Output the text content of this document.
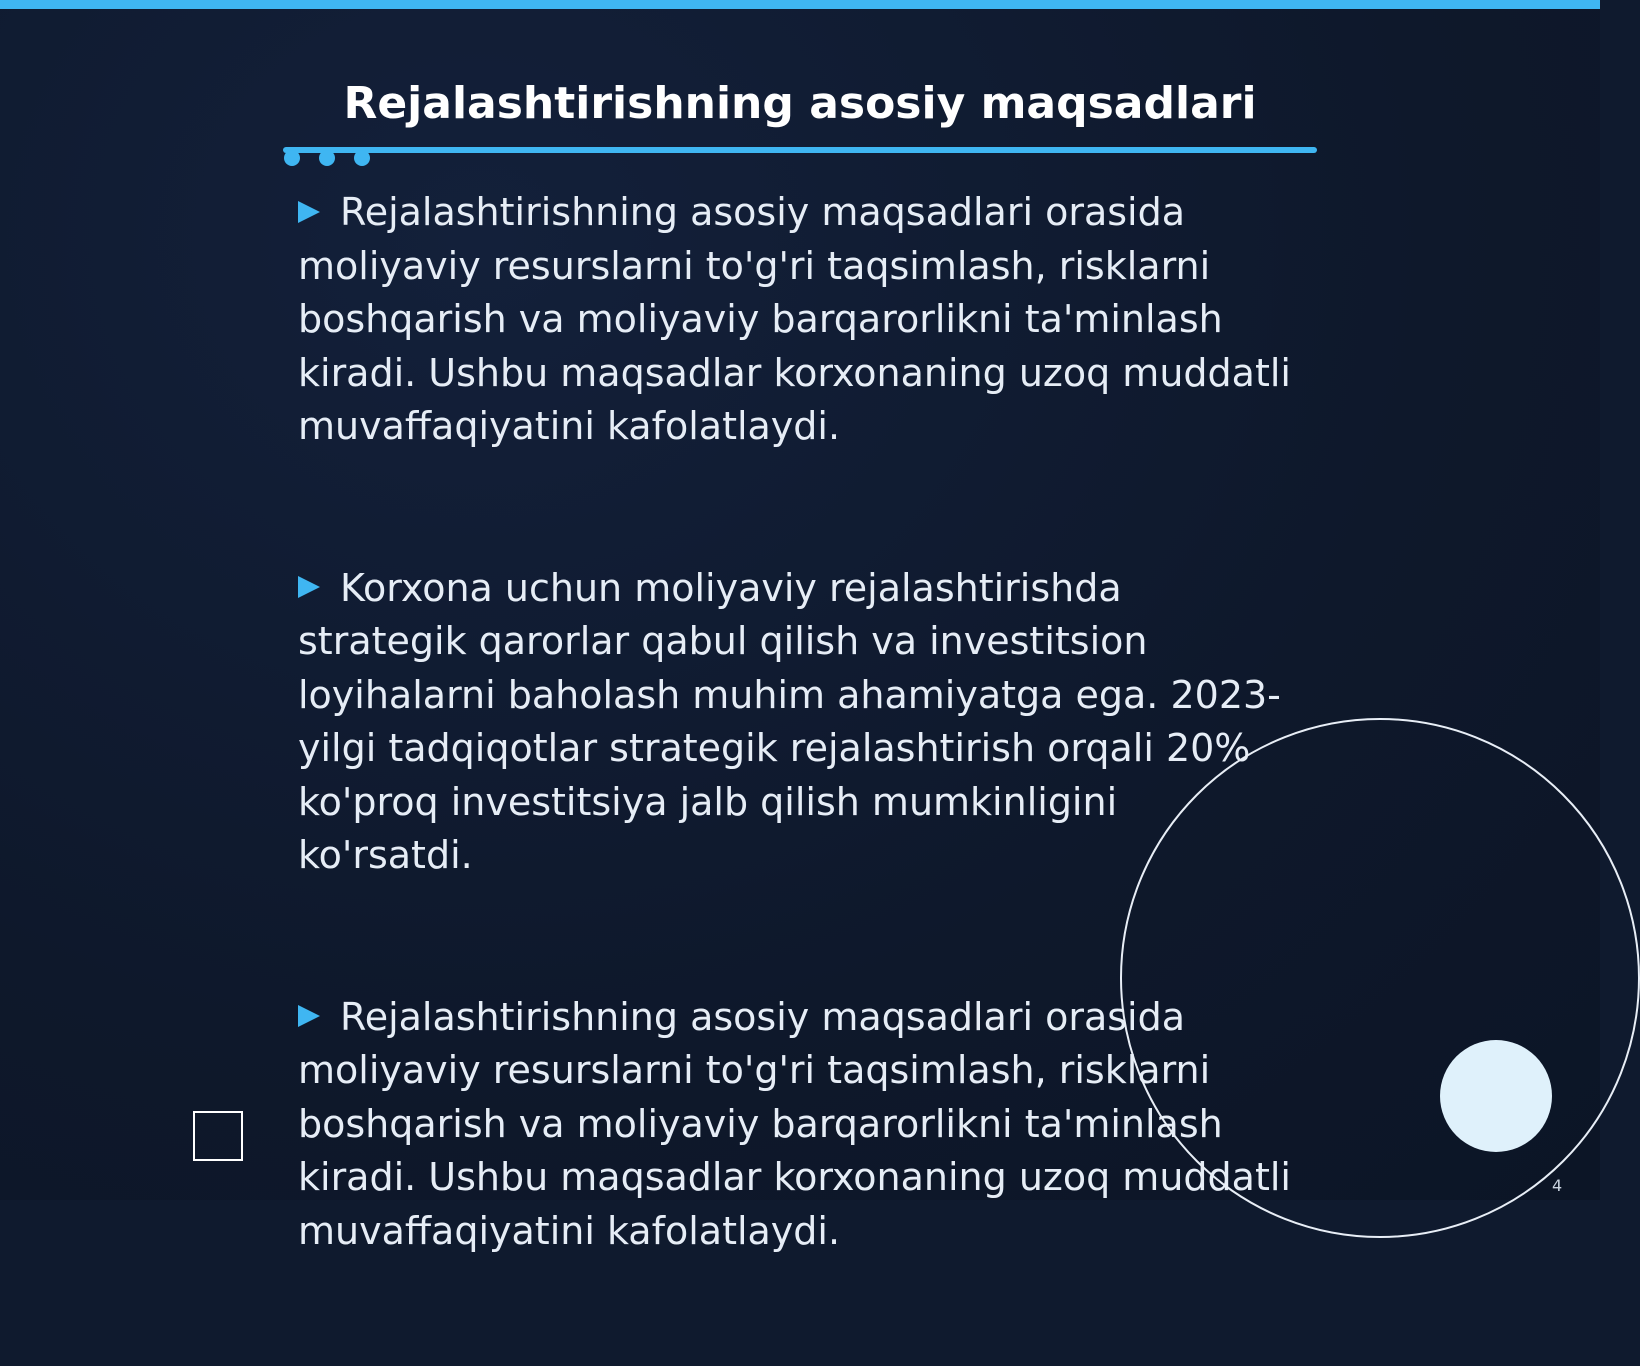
Rejalashtirishning asosiy maqsadlari

Rejalashtirishning asosiy maqsadlari orasida moliyaviy resurslarni to'g'ri taqsimlash, risklarni boshqarish va moliyaviy barqarorlikni ta'minlash kiradi. Ushbu maqsadlar korxonaning uzoq muddatli muvaffaqiyatini kafolatlaydi.

Korxona uchun moliyaviy rejalashtirishda strategik qarorlar qabul qilish va investitsion loyihalarni baholash muhim ahamiyatga ega. 2023-yilgi tadqiqotlar strategik rejalashtirish orqali 20% ko'proq investitsiya jalb qilish mumkinligini ko'rsatdi.

Rejalashtirishning asosiy maqsadlari orasida moliyaviy resurslarni to'g'ri taqsimlash, risklarni boshqarish va moliyaviy barqarorlikni ta'minlash kiradi. Ushbu maqsadlar korxonaning uzoq muddatli muvaffaqiyatini kafolatlaydi.

4
